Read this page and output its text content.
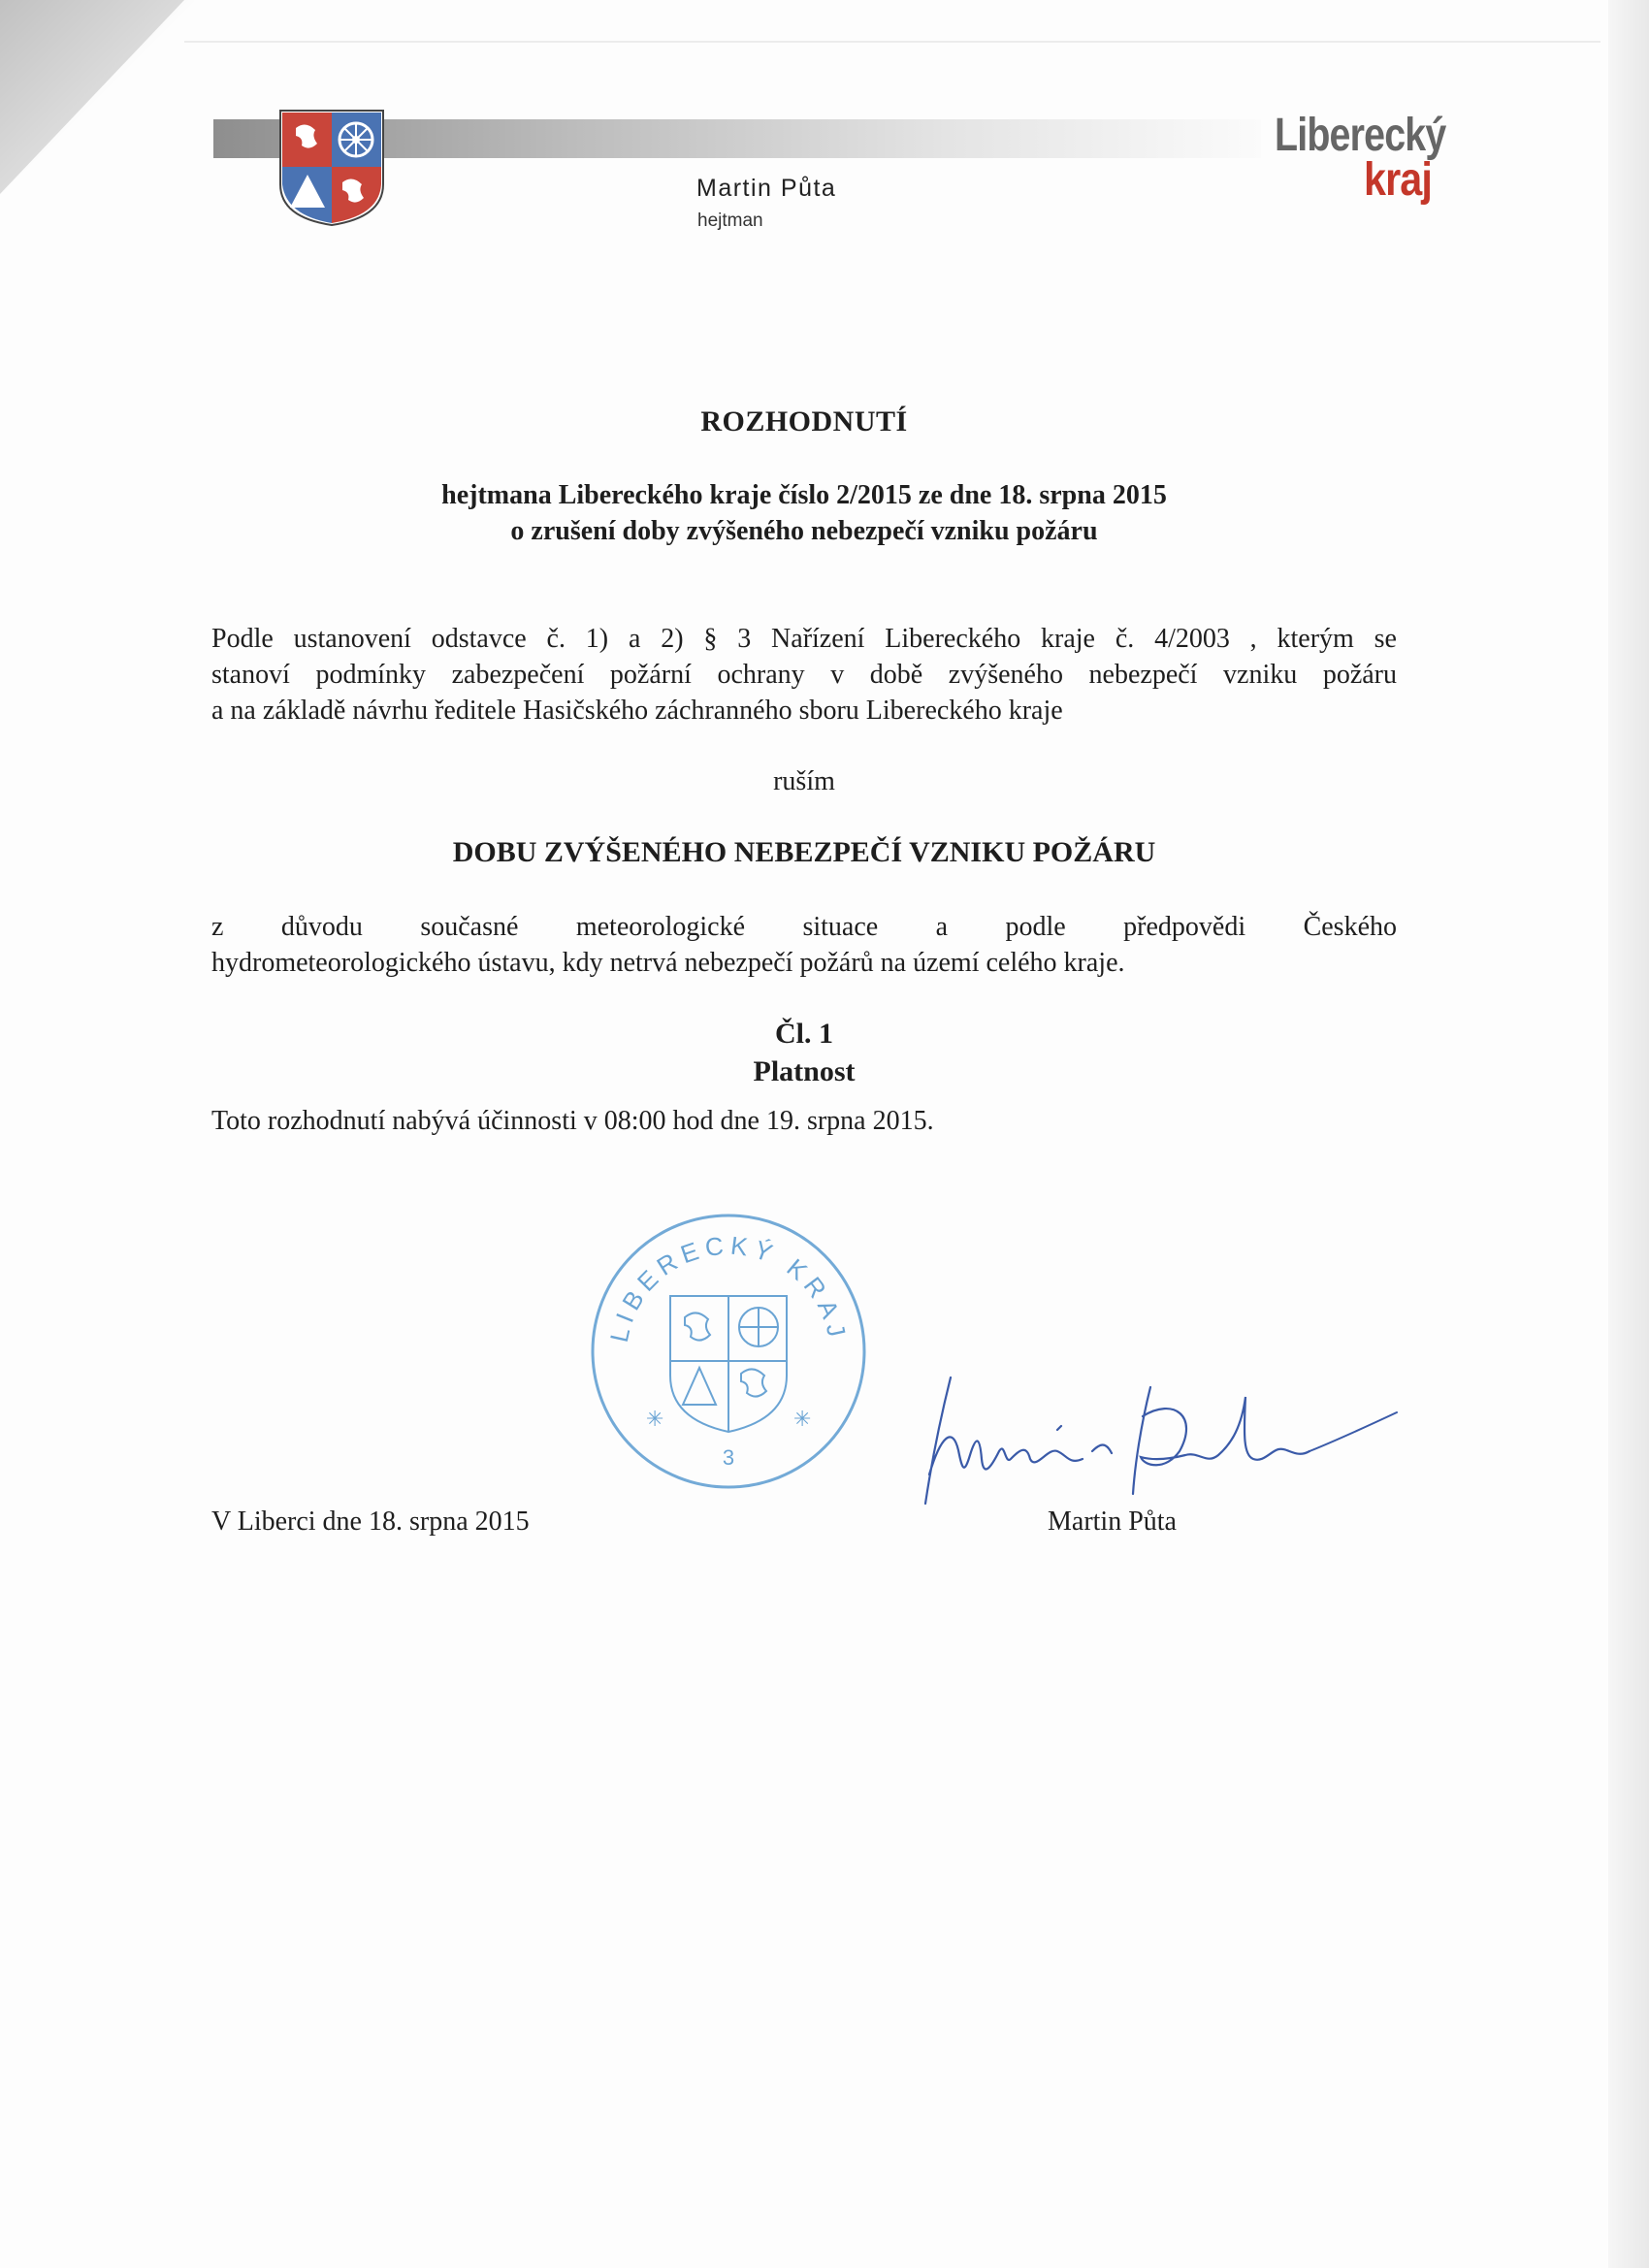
Martin Půta
hejtman
Liberecký
kraj

ROZHODNUTÍ

hejtmana Libereckého kraje číslo 2/2015 ze dne 18. srpna 2015

o zrušení doby zvýšeného nebezpečí vzniku požáru

Podle ustanovení odstavce č. 1) a 2) § 3 Nařízení Libereckého kraje č. 4/2003 , kterým se
stanoví podmínky zabezpečení požární ochrany v době zvýšeného nebezpečí vzniku požáru
a na základě návrhu ředitele Hasičského záchranného sboru Libereckého kraje

ruším

DOBU ZVÝŠENÉHO NEBEZPEČÍ VZNIKU POŽÁRU

z důvodu současné meteorologické situace a podle předpovědi Českého
hydrometeorologického ústavu, kdy netrvá nebezpečí požárů na území celého kraje.

Čl. 1

Platnost

Toto rozhodnutí nabývá účinnosti v 08:00 hod dne 19. srpna 2015.

LIBERECKÝ KRAJ
✳	✳
3

V Liberci dne 18. srpna 2015	Martin Půta
